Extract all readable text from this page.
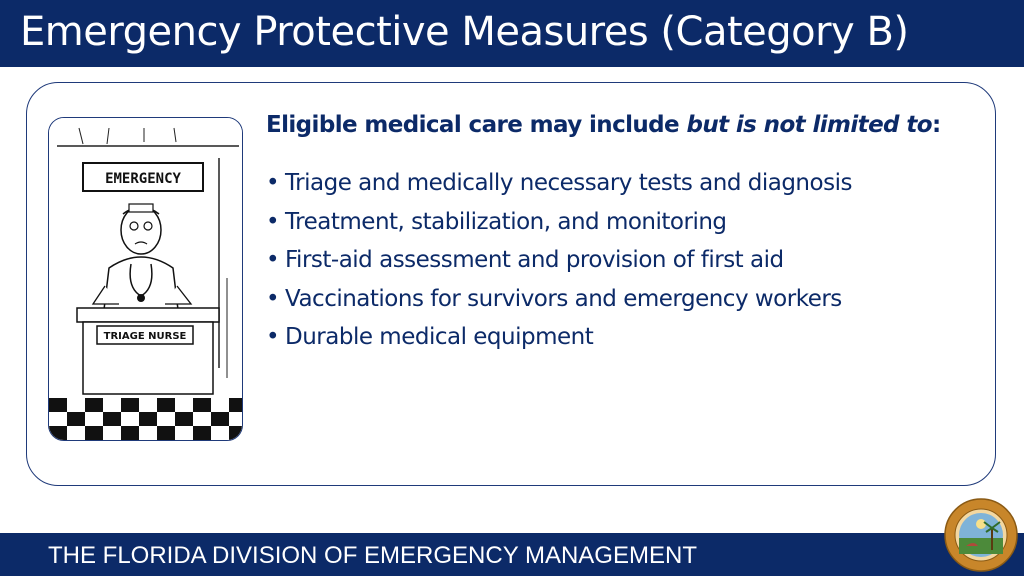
Emergency Protective Measures (Category B)
EMERGENCY
TRIAGE NURSE
Eligible medical care may include but is not limited to:
• Triage and medically necessary tests and diagnosis
• Treatment, stabilization, and monitoring
• First-aid assessment and provision of first aid
• Vaccinations for survivors and emergency workers
• Durable medical equipment
THE FLORIDA DIVISION OF EMERGENCY MANAGEMENT
